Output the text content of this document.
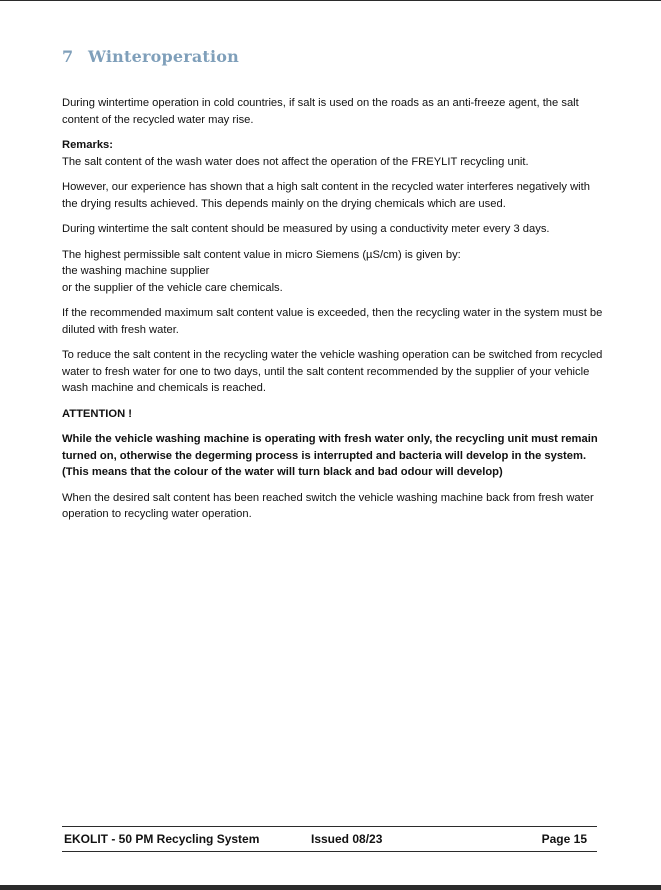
7 Winteroperation

During wintertime operation in cold countries, if salt is used on the roads as an anti-freeze agent, the salt content of the recycled water may rise.

Remarks:
The salt content of the wash water does not affect the operation of the FREYLIT recycling unit.

However, our experience has shown that a high salt content in the recycled water interferes negatively with the drying results achieved. This depends mainly on the drying chemicals which are used.

During wintertime the salt content should be measured by using a conductivity meter every 3 days.

The highest permissible salt content value in micro Siemens (µS/cm) is given by:
the washing machine supplier
or the supplier of the vehicle care chemicals.

If the recommended maximum salt content value is exceeded, then the recycling water in the system must be diluted with fresh water.

To reduce the salt content in the recycling water the vehicle washing operation can be switched from recycled water to fresh water for one to two days, until the salt content recommended by the supplier of your vehicle wash machine and chemicals is reached.

ATTENTION !

While the vehicle washing machine is operating with fresh water only, the recycling unit must remain turned on, otherwise the degerming process is interrupted and bacteria will develop in the system. (This means that the colour of the water will turn black and bad odour will develop)

When the desired salt content has been reached switch the vehicle washing machine back from fresh water operation to recycling water operation.

EKOLIT - 50 PM Recycling System	Issued 08/23	Page 15
